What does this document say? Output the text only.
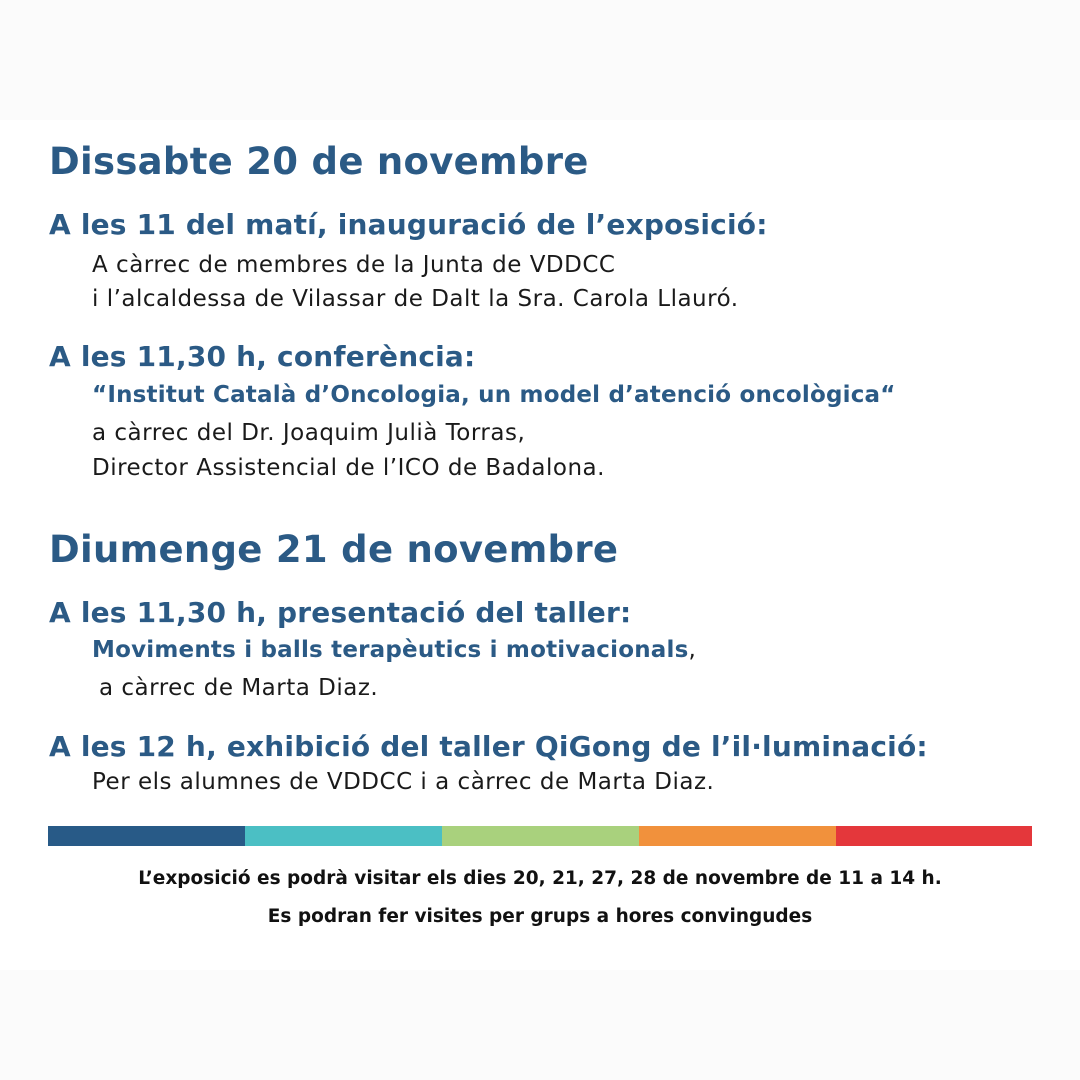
Dissabte 20 de novembre
A les 11 del matí, inauguració de l’exposició:
A càrrec de membres de la Junta de VDDCC
i l’alcaldessa de Vilassar de Dalt la Sra. Carola Llauró.
A les 11,30 h, conferència:
“Institut Català d’Oncologia, un model d’atenció oncològica“
a càrrec del Dr. Joaquim Julià Torras,
Director Assistencial de l’ICO de Badalona.
Diumenge 21 de novembre
A les 11,30 h, presentació del taller:
Moviments i balls terapèutics i motivacionals,
a càrrec de Marta Diaz.
A les 12 h, exhibició del taller QiGong de l’il·luminació:
Per els alumnes de VDDCC i a càrrec de Marta Diaz.
L’exposició es podrà visitar els dies 20, 21, 27, 28 de novembre de 11 a 14 h.
Es podran fer visites per grups a hores convingudes
